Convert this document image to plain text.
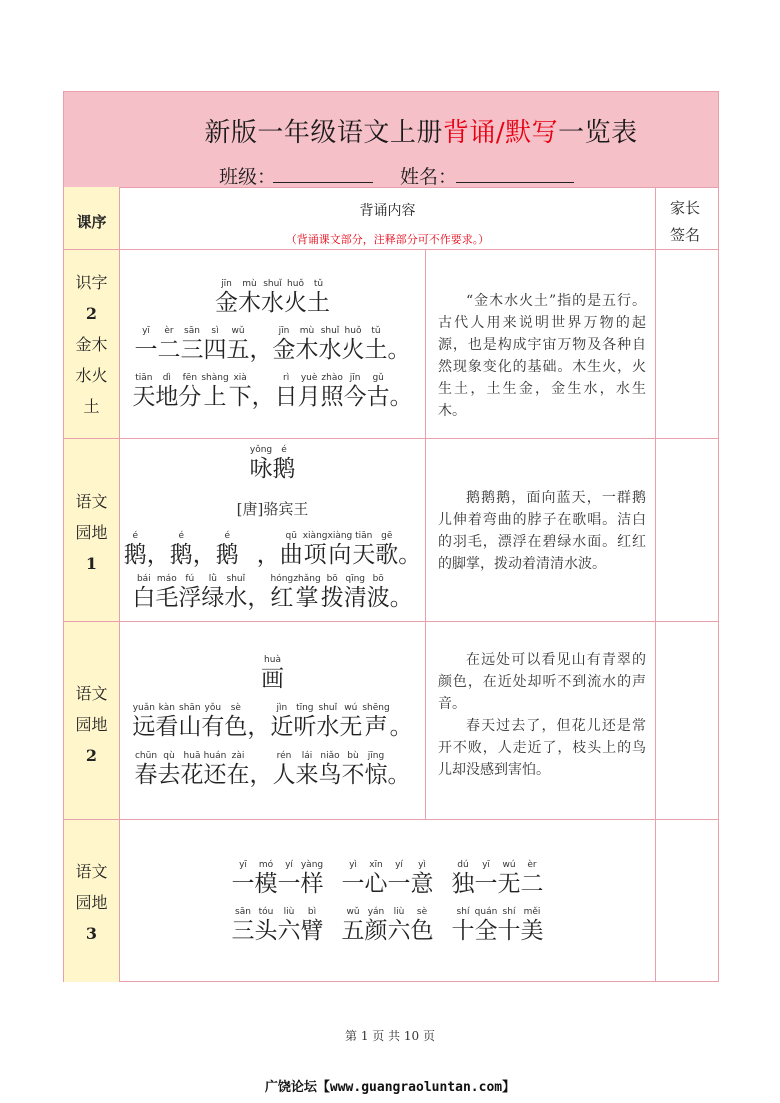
新版一年级语文上册背诵/默写一览表
班级：	姓名：
课序
背诵内容
（背诵课文部分，注释部分可不作要求。）
家长签名
识字
2
金木
水火
土
jīn
金
mù
木
shuǐ
水
huǒ
火
tǔ
土
yī
一
èr
二
sān
三
sì
四
wǔ
五 ，
jīn
金
mù
木
shuǐ
水
huǒ
火
tǔ
土 。
tiān
天
dì
地
fēn
分
shàng
上
xià
下 ，
rì
日
yuè
月
zhào
照
jīn
今
gǔ
古 。

“金木水火土”指的是五行。古代人用来说明世界万物的起源，也是构成宇宙万物及各种自然现象变化的基础。木生火，火生土，土生金，金生水，水生木。

语文
园地
1
yǒng
咏
é
鹅
[唐]骆宾王
é
鹅 ，
é
鹅 ，
é
鹅
，
qū
曲
xiàng
项
xiàng
向
tiān
天
gē
歌 。
bái
白
máo
毛
fú
浮
lǜ
绿
shuǐ
水 ，
hóng
红
zhǎng
掌
bō
拨
qīng
清
bō
波 。

鹅鹅鹅，面向蓝天，一群鹅儿伸着弯曲的脖子在歌唱。洁白的羽毛，漂浮在碧绿水面。红红的脚掌，拨动着清清水波。

语文
园地
2
huà
画
yuǎn
远
kàn
看
shān
山
yǒu
有
sè
色 ，
jìn
近
tīng
听
shuǐ
水
wú
无
shēng
声 。
chūn
春
qù
去
huā
花
huán
还
zài
在 ，
rén
人
lái
来
niǎo
鸟
bù
不
jīng
惊 。

在远处可以看见山有青翠的颜色，在近处却听不到流水的声音。

春天过去了，但花儿还是常开不败，人走近了，枝头上的鸟儿却没感到害怕。

语文
园地
3
yī
一
mó
模
yí
一
yàng
样

yì
一
xīn
心
yí
一
yì
意

dú
独
yī
一
wú
无
èr
二
sān
三
tóu
头
liù
六
bì
臂

wǔ
五
yán
颜
liù
六
sè
色

shí
十
quán
全
shí
十
měi
美
第 1 页 共 10 页
广饶论坛【www.guangraoluntan.com】
